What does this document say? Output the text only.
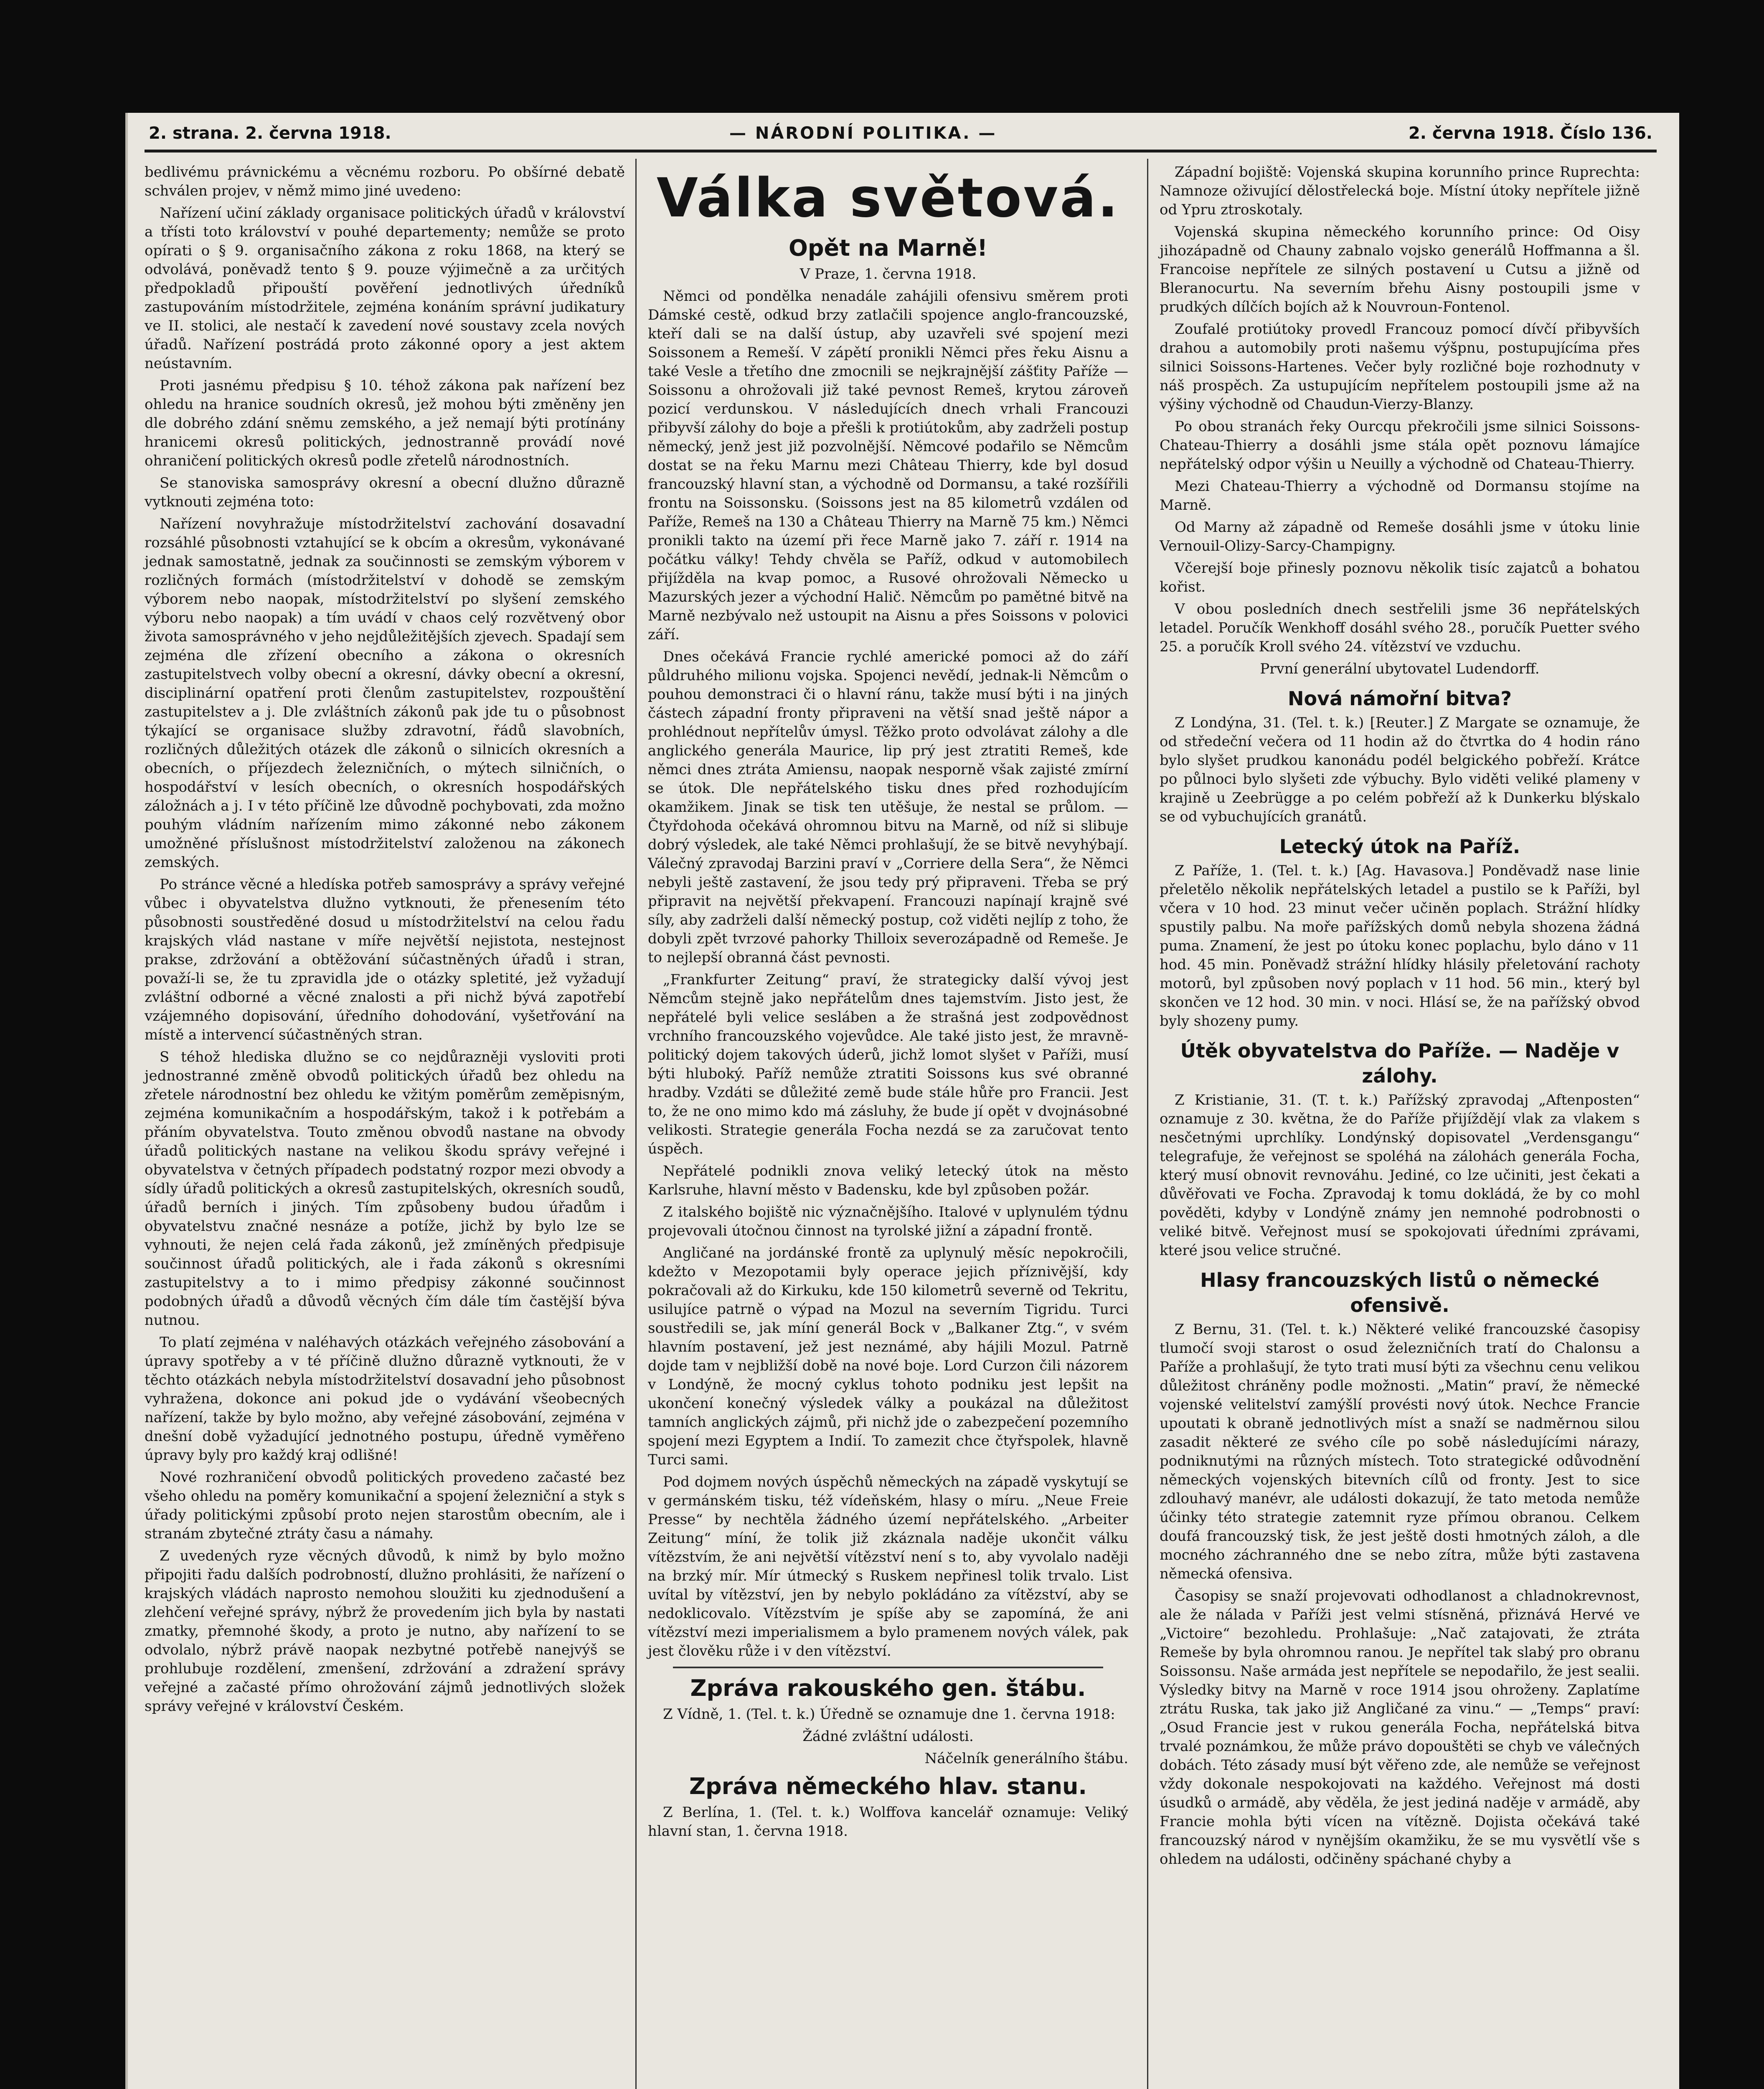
2. strana. 2. června 1918.	— NÁRODNÍ POLITIKA. —	2. června 1918. Číslo 136.

bedlivému právnickému a věcnému rozboru. Po obšírné debatě schválen projev, v němž mimo jiné uvedeno:

Nařízení učiní základy organisace politických úřadů v království a třísti toto království v pouhé departementy; nemůže se proto opírati o § 9. organisačního zákona z roku 1868, na který se odvolává, poněvadž tento § 9. pouze výjimečně a za určitých předpokladů připouští pověření jednotlivých úředníků zastupováním místodržitele, zejména konáním správní judikatury ve II. stolici, ale nestačí k zavedení nové soustavy zcela nových úřadů. Nařízení postrádá proto zákonné opory a jest aktem neústavním.

Proti jasnému předpisu § 10. téhož zákona pak nařízení bez ohledu na hranice soudních okresů, jež mohou býti změněny jen dle dobrého zdání sněmu zemského, a jež nemají býti protínány hranicemi okresů politických, jednostranně provádí nové ohraničení politických okresů podle zřetelů národnostních.

Se stanoviska samosprávy okresní a obecní dlužno důrazně vytknouti zejména toto:

Nařízení novyhražuje místodržitelství zachování dosavadní rozsáhlé působnosti vztahující se k obcím a okresům, vykonávané jednak samostatně, jednak za součinnosti se zemským výborem v rozličných formách (místodržitelství v dohodě se zemským výborem nebo naopak, místodržitelství po slyšení zemského výboru nebo naopak) a tím uvádí v chaos celý rozvětvený obor života samosprávného v jeho nejdůležitějších zjevech. Spadají sem zejména dle zřízení obecního a zákona o okresních zastupitelstvech volby obecní a okresní, dávky obecní a okresní, disciplinární opatření proti členům zastupitelstev, rozpouštění zastupitelstev a j. Dle zvláštních zákonů pak jde tu o působnost týkající se organisace služby zdravotní, řádů slavobních, rozličných důležitých otázek dle zákonů o silnicích okresních a obecních, o příjezdech železničních, o mýtech silničních, o hospodářství v lesích obecních, o okresních hospodářských záložnách a j. I v této příčině lze důvodně pochybovati, zda možno pouhým vládním nařízením mimo zákonné nebo zákonem umožněné příslušnost místodržitelství založenou na zákonech zemských.

Po stránce věcné a hledíska potřeb samosprávy a správy veřejné vůbec i obyvatelstva dlužno vytknouti, že přenesením této působnosti soustředěné dosud u místodržitelství na celou řadu krajských vlád nastane v míře největší nejistota, nestejnost prakse, zdržování a obtěžování súčastněných úřadů i stran, považí-li se, že tu zpravidla jde o otázky spletité, jež vyžadují zvláštní odborné a věcné znalosti a při nichž bývá zapotřebí vzájemného dopisování, úředního dohodování, vyšetřování na místě a intervencí súčastněných stran.

S téhož hlediska dlužno se co nejdůrazněji vysloviti proti jednostranné změně obvodů politických úřadů bez ohledu na zřetele národnostní bez ohledu ke vžitým poměrům zeměpisným, zejména komunikačním a hospodářským, takož i k potřebám a přáním obyvatelstva. Touto změnou obvodů nastane na obvody úřadů politických nastane na velikou škodu správy veřejné i obyvatelstva v četných případech podstatný rozpor mezi obvody a sídly úřadů politických a okresů zastupitelských, okresních soudů, úřadů berních i jiných. Tím způsobeny budou úřadům i obyvatelstvu značné nesnáze a potíže, jichž by bylo lze se vyhnouti, že nejen celá řada zákonů, jež zmíněných předpisuje součinnost úřadů politických, ale i řada zákonů s okresními zastupitelstvy a to i mimo předpisy zákonné součinnost podobných úřadů a důvodů věcných čím dále tím častější býva nutnou.

To platí zejména v naléhavých otázkách veřejného zásobování a úpravy spotřeby a v té příčině dlužno důrazně vytknouti, že v těchto otázkách nebyla místodržitelství dosavadní jeho působnost vyhražena, dokonce ani pokud jde o vydávání všeobecných nařízení, takže by bylo možno, aby veřejné zásobování, zejména v dnešní době vyžadující jednotného postupu, úředně vyměřeno úpravy byly pro každý kraj odlišné!

Nové rozhraničení obvodů politických provedeno začasté bez všeho ohledu na poměry komunikační a spojení železniční a styk s úřady politickými způsobí proto nejen starostům obecním, ale i stranám zbytečné ztráty času a námahy.

Z uvedených ryze věcných důvodů, k nimž by bylo možno připojiti řadu dalších podrobností, dlužno prohlásiti, že nařízení o krajských vládách naprosto nemohou sloužiti ku zjednodušení a zlehčení veřejné správy, nýbrž že provedením jich byla by nastati zmatky, přemnohé škody, a proto je nutno, aby nařízení to se odvolalo, nýbrž právě naopak nezbytné potřebě nanejvýš se prohlubuje rozdělení, zmenšení, zdržování a zdražení správy veřejné a začasté přímo ohrožování zájmů jednotlivých složek správy veřejné v království Českém.

Válka světová.
Opět na Marně!
V Praze, 1. června 1918.

Němci od pondělka nenadále zahájili ofensivu směrem proti Dámské cestě, odkud brzy zatlačili spojence anglo-francouzské, kteří dali se na další ústup, aby uzavřeli své spojení mezi Soissonem a Remeší. V zápětí pronikli Němci přes řeku Aisnu a také Vesle a třetího dne zmocnili se nejkrajnější zášťity Paříže — Soissonu a ohrožovali již také pevnost Remeš, krytou zároveň pozicí verdunskou. V následujících dnech vrhali Francouzi přibyvší zálohy do boje a přešli k protiútokům, aby zadrželi postup německý, jenž jest již pozvolnější. Němcové podařilo se Němcům dostat se na řeku Marnu mezi Château Thierry, kde byl dosud francouzský hlavní stan, a východně od Dormansu, a také rozšířili frontu na Soissonsku. (Soissons jest na 85 kilometrů vzdálen od Paříže, Remeš na 130 a Château Thierry na Marně 75 km.) Němci pronikli takto na území při řece Marně jako 7. září r. 1914 na počátku války! Tehdy chvěla se Paříž, odkud v automobilech přijížděla na kvap pomoc, a Rusové ohrožovali Německo u Mazurských jezer a východní Halič. Němcům po pamětné bitvě na Marně nezbývalo než ustoupit na Aisnu a přes Soissons v polovici září.

Dnes očekává Francie rychlé americké pomoci až do září půldruhého milionu vojska. Spojenci nevědí, jednak-li Němcům o pouhou demonstraci či o hlavní ránu, takže musí býti i na jiných částech západní fronty připraveni na větší snad ještě nápor a prohlédnout nepřítelův úmysl. Těžko proto odvolávat zálohy a dle anglického generála Maurice, lip prý jest ztratiti Remeš, kde němci dnes ztráta Amiensu, naopak nesporně však zajisté zmírní se útok. Dle nepřátelského tisku dnes před rozhodujícím okamžikem. Jinak se tisk ten utěšuje, že nestal se průlom. — Čtyřdohoda očekává ohromnou bitvu na Marně, od níž si slibuje dobrý výsledek, ale také Němci prohlašují, že se bitvě nevyhýbají. Válečný zpravodaj Barzini praví v „Corriere della Sera“, že Němci nebyli ještě zastavení, že jsou tedy prý připraveni. Třeba se prý připravit na největší překvapení. Francouzi napínají krajně své síly, aby zadrželi další německý postup, což viděti nejlíp z toho, že dobyli zpět tvrzové pahorky Thilloix severozápadně od Remeše. Je to nejlepší obranná část pevnosti.

„Frankfurter Zeitung“ praví, že strategicky další vývoj jest Němcům stejně jako nepřátelům dnes tajemstvím. Jisto jest, že nepřátelé byli velice sesláben a že strašná jest zodpovědnost vrchního francouzského vojevůdce. Ale také jisto jest, že mravně-politický dojem takových úderů, jichž lomot slyšet v Paříži, musí býti hluboký. Paříž nemůže ztratiti Soissons kus své obranné hradby. Vzdáti se důležité země bude stále hůře pro Francii. Jest to, že ne ono mimo kdo má zásluhy, že bude jí opět v dvojnásobné velikosti. Strategie generála Focha nezdá se za zaručovat tento úspěch.

Nepřátelé podnikli znova veliký letecký útok na město Karlsruhe, hlavní město v Badensku, kde byl způsoben požár.

Z italského bojiště nic význačnějšího. Italové v uplynulém týdnu projevovali útočnou činnost na tyrolské jižní a západní frontě.

Angličané na jordánské frontě za uplynulý měsíc nepokročili, kdežto v Mezopotamii byly operace jejich příznivější, kdy pokračovali až do Kirkuku, kde 150 kilometrů severně od Tekritu, usilujíce patrně o výpad na Mozul na severním Tigridu. Turci soustředili se, jak míní generál Bock v „Balkaner Ztg.“, v svém hlavním postavení, jež jest neznámé, aby hájili Mozul. Patrně dojde tam v nejbližší době na nové boje. Lord Curzon čili názorem v Londýně, že mocný cyklus tohoto podniku jest lepšit na ukončení konečný výsledek války a poukázal na důležitost tamních anglických zájmů, při nichž jde o zabezpečení pozemního spojení mezi Egyptem a Indií. To zamezit chce čtyřspolek, hlavně Turci sami.

Pod dojmem nových úspěchů německých na západě vyskytují se v germánském tisku, též vídeňském, hlasy o míru. „Neue Freie Presse“ by nechtěla žádného území nepřátelského. „Arbeiter Zeitung“ míní, že tolik již zkáznala naděje ukončit válku vítězstvím, že ani největší vítězství není s to, aby vyvolalo naději na brzký mír. Mír útmecký s Ruskem nepřinesl tolik trvalo. List uvítal by vítězství, jen by nebylo pokládáno za vítězství, aby se nedoklicovalo. Vítězstvím je spíše aby se zapomíná, že ani vítězství mezi imperialismem a bylo pramenem nových válek, pak jest člověku růže i v den vítězství.

Zpráva rakouského gen. štábu.

Z Vídně, 1. (Tel. t. k.) Úředně se oznamuje dne 1. června 1918:

Žádné zvláštní události.

Náčelník generálního štábu.

Zpráva německého hlav. stanu.

Z Berlína, 1. (Tel. t. k.) Wolffova kancelář oznamuje: Veliký hlavní stan, 1. června 1918.

Západní bojiště: Vojenská skupina korunního prince Ruprechta: Namnoze oživující dělostřelecká boje. Místní útoky nepřítele jižně od Ypru ztroskotaly.

Vojenská skupina německého korunního prince: Od Oisy jihozápadně od Chauny zabnalo vojsko generálů Hoffmanna a šl. Francoise nepřítele ze silných postavení u Cutsu a jižně od Bleranocurtu. Na severním břehu Aisny postoupili jsme v prudkých dílčích bojích až k Nouvroun-Fontenol.

Zoufalé protiútoky provedl Francouz pomocí dívčí přibyvších drahou a automobily proti našemu výšpnu, postupujícíma přes silnici Soissons-Hartenes. Večer byly rozličné boje rozhodnuty v náš prospěch. Za ustupujícím nepřítelem postoupili jsme až na výšiny východně od Chaudun-Vierzy-Blanzy.

Po obou stranách řeky Ourcqu překročili jsme silnici Soissons-Chateau-Thierry a dosáhli jsme stála opět poznovu lámajíce nepřátelský odpor výšin u Neuilly a východně od Chateau-Thierry.

Mezi Chateau-Thierry a východně od Dormansu stojíme na Marně.

Od Marny až západně od Remeše dosáhli jsme v útoku linie Vernouil-Olizy-Sarcy-Champigny.

Včerejší boje přinesly poznovu několik tisíc zajatců a bohatou kořist.

V obou posledních dnech sestřelili jsme 36 nepřátelských letadel. Poručík Wenkhoff dosáhl svého 28., poručík Puetter svého 25. a poručík Kroll svého 24. vítězství ve vzduchu.

První generální ubytovatel Ludendorff.

Nová námořní bitva?

Z Londýna, 31. (Tel. t. k.) [Reuter.] Z Margate se oznamuje, že od středeční večera od 11 hodin až do čtvrtka do 4 hodin ráno bylo slyšet prudkou kanonádu podél belgického pobřeží. Krátce po půlnoci bylo slyšeti zde výbuchy. Bylo viděti veliké plameny v krajině u Zeebrügge a po celém pobřeží až k Dunkerku blýskalo se od vybuchujících granátů.

Letecký útok na Paříž.

Z Paříže, 1. (Tel. t. k.) [Ag. Havasova.] Ponděvadž nase linie přeletělo několik nepřátelských letadel a pustilo se k Paříži, byl včera v 10 hod. 23 minut večer učiněn poplach. Strážní hlídky spustily palbu. Na moře pařížských domů nebyla shozena žádná puma. Znamení, že jest po útoku konec poplachu, bylo dáno v 11 hod. 45 min. Poněvadž strážní hlídky hlásily přeletování rachoty motorů, byl způsoben nový poplach v 11 hod. 56 min., který byl skončen ve 12 hod. 30 min. v noci. Hlásí se, že na pařížský obvod byly shozeny pumy.

Útěk obyvatelstva do Paříže. — Naděje v zálohy.

Z Kristianie, 31. (T. t. k.) Pařížský zpravodaj „Aftenposten“ oznamuje z 30. května, že do Paříže přijíždějí vlak za vlakem s nesčetnými uprchlíky. Londýnský dopisovatel „Verdensgangu“ telegrafuje, že veřejnost se spoléhá na zálohách generála Focha, který musí obnovit revnováhu. Jediné, co lze učiniti, jest čekati a důvěřovati ve Focha. Zpravodaj k tomu dokládá, že by co mohl pověděti, kdyby v Londýně známy jen nemnohé podrobnosti o veliké bitvě. Veřejnost musí se spokojovati úředními zprávami, které jsou velice stručné.

Hlasy francouzských listů o německé ofensivě.

Z Bernu, 31. (Tel. t. k.) Některé veliké francouzské časopisy tlumočí svoji starost o osud železničních tratí do Chalonsu a Paříže a prohlašují, že tyto trati musí býti za všechnu cenu velikou důležitost chráněny podle možnosti. „Matin“ praví, že německé vojenské velitelství zamýšlí provésti nový útok. Nechce Francie upoutati k obraně jednotlivých míst a snaží se nadměrnou silou zasadit některé ze svého cíle po sobě následujícími nárazy, podniknutými na různých místech. Toto strategické odůvodnění německých vojenských bitevních cílů od fronty. Jest to sice zdlouhavý manévr, ale události dokazují, že tato metoda nemůže účinky této strategie zatemnit ryze přímou obranou. Celkem doufá francouzský tisk, že jest ještě dosti hmotných záloh, a dle mocného záchranného dne se nebo zítra, může býti zastavena německá ofensiva.

Časopisy se snaží projevovati odhodlanost a chladnokrevnost, ale že nálada v Paříži jest velmi stísněná, přiznává Hervé ve „Victoire“ bezohledu. Prohlašuje: „Nač zatajovati, že ztráta Remeše by byla ohromnou ranou. Je nepřítel tak slabý pro obranu Soissonsu. Naše armáda jest nepřítele se nepodařilo, že jest sealii. Výsledky bitvy na Marně v roce 1914 jsou ohroženy. Zaplatíme ztrátu Ruska, tak jako již Angličané za vinu.“ — „Temps“ praví: „Osud Francie jest v rukou generála Focha, nepřátelská bitva trvalé poznámkou, že může právo dopouštěti se chyb ve válečných dobách. Této zásady musí být věřeno zde, ale nemůže se veřejnost vždy dokonale nespokojovati na každého. Veřejnost má dosti úsudků o armádě, aby věděla, že jest jediná naděje v armádě, aby Francie mohla býti vícen na vítězně. Dojista očekává také francouzský národ v nynějším okamžiku, že se mu vysvětlí vše s ohledem na události, odčiněny spáchané chyby a
